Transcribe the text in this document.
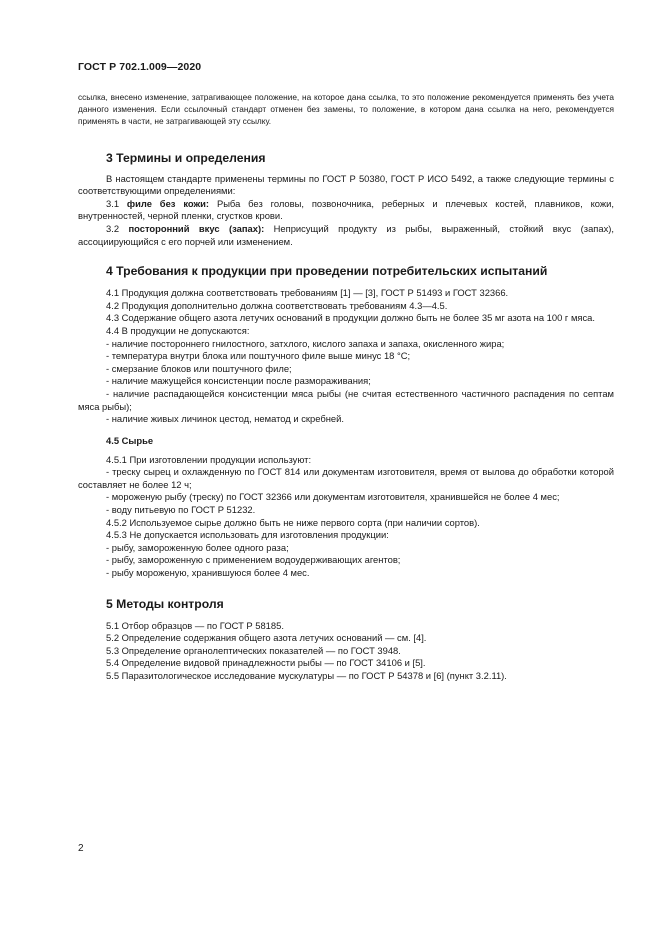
ГОСТ Р 702.1.009—2020

ссылка, внесено изменение, затрагивающее положение, на которое дана ссылка, то это положение рекомендуется применять без учета данного изменения. Если ссылочный стандарт отменен без замены, то положение, в котором дана ссылка на него, рекомендуется применять в части, не затрагивающей эту ссылку.

3 Термины и определения

В настоящем стандарте применены термины по ГОСТ Р 50380, ГОСТ Р ИСО 5492, а также следующие термины с соответствующими определениями:

3.1 филе без кожи: Рыба без головы, позвоночника, реберных и плечевых костей, плавников, кожи, внутренностей, черной пленки, сгустков крови.

3.2 посторонний вкус (запах): Неприсущий продукту из рыбы, выраженный, стойкий вкус (запах), ассоциирующийся с его порчей или изменением.

4 Требования к продукции при проведении потребительских испытаний

4.1 Продукция должна соответствовать требованиям [1] — [3], ГОСТ Р 51493 и ГОСТ 32366.

4.2 Продукция дополнительно должна соответствовать требованиям 4.3—4.5.

4.3 Содержание общего азота летучих оснований в продукции должно быть не более 35 мг азота на 100 г мяса.

4.4 В продукции не допускаются:

- наличие постороннего гнилостного, затхлого, кислого запаха и запаха, окисленного жира;

- температура внутри блока или поштучного филе выше минус 18 °С;

- смерзание блоков или поштучного филе;

- наличие мажущейся консистенции после размораживания;

- наличие распадающейся консистенции мяса рыбы (не считая естественного частичного распадения по септам мяса рыбы);

- наличие живых личинок цестод, нематод и скребней.

4.5 Сырье

4.5.1 При изготовлении продукции используют:

- треску сырец и охлажденную по ГОСТ 814 или документам изготовителя, время от вылова до обработки которой составляет не более 12 ч;

- мороженую рыбу (треску) по ГОСТ 32366 или документам изготовителя, хранившейся не более 4 мес;

- воду питьевую по ГОСТ Р 51232.

4.5.2 Используемое сырье должно быть не ниже первого сорта (при наличии сортов).

4.5.3 Не допускается использовать для изготовления продукции:

- рыбу, замороженную более одного раза;

- рыбу, замороженную с применением водоудерживающих агентов;

- рыбу мороженую, хранившуюся более 4 мес.

5 Методы контроля

5.1 Отбор образцов — по ГОСТ Р 58185.

5.2 Определение содержания общего азота летучих оснований — см. [4].

5.3 Определение органолептических показателей — по ГОСТ 3948.

5.4 Определение видовой принадлежности рыбы — по ГОСТ 34106 и [5].

5.5 Паразитологическое исследование мускулатуры — по ГОСТ Р 54378 и [6] (пункт 3.2.11).

2
